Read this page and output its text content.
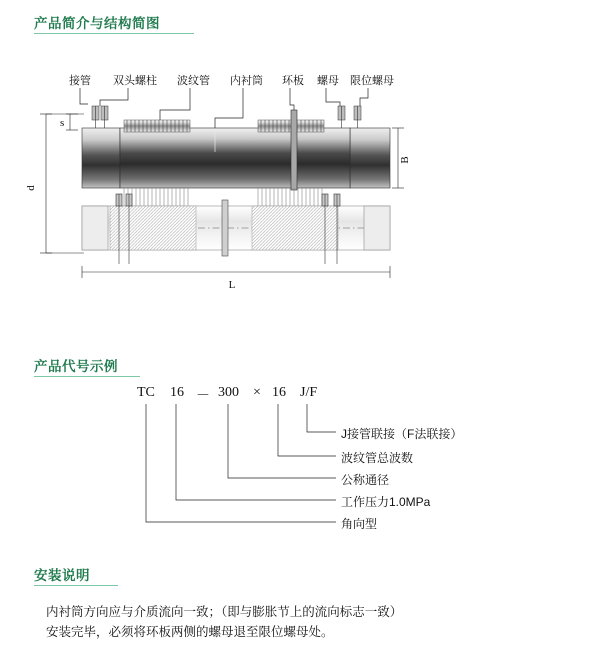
产品简介与结构简图
接管 双头螺柱 波纹管 内衬筒 环板 螺母 限位螺母
s
d
B
L
产品代号示例
TC 16 － 300 × 16 J/F
J接管联接（F法联接）
波纹管总波数
公称通径
工作压力1.0MPa
角向型
安装说明
内衬筒方向应与介质流向一致；（即与膨胀节上的流向标志一致）
安装完毕，必须将环板两侧的螺母退至限位螺母处。
